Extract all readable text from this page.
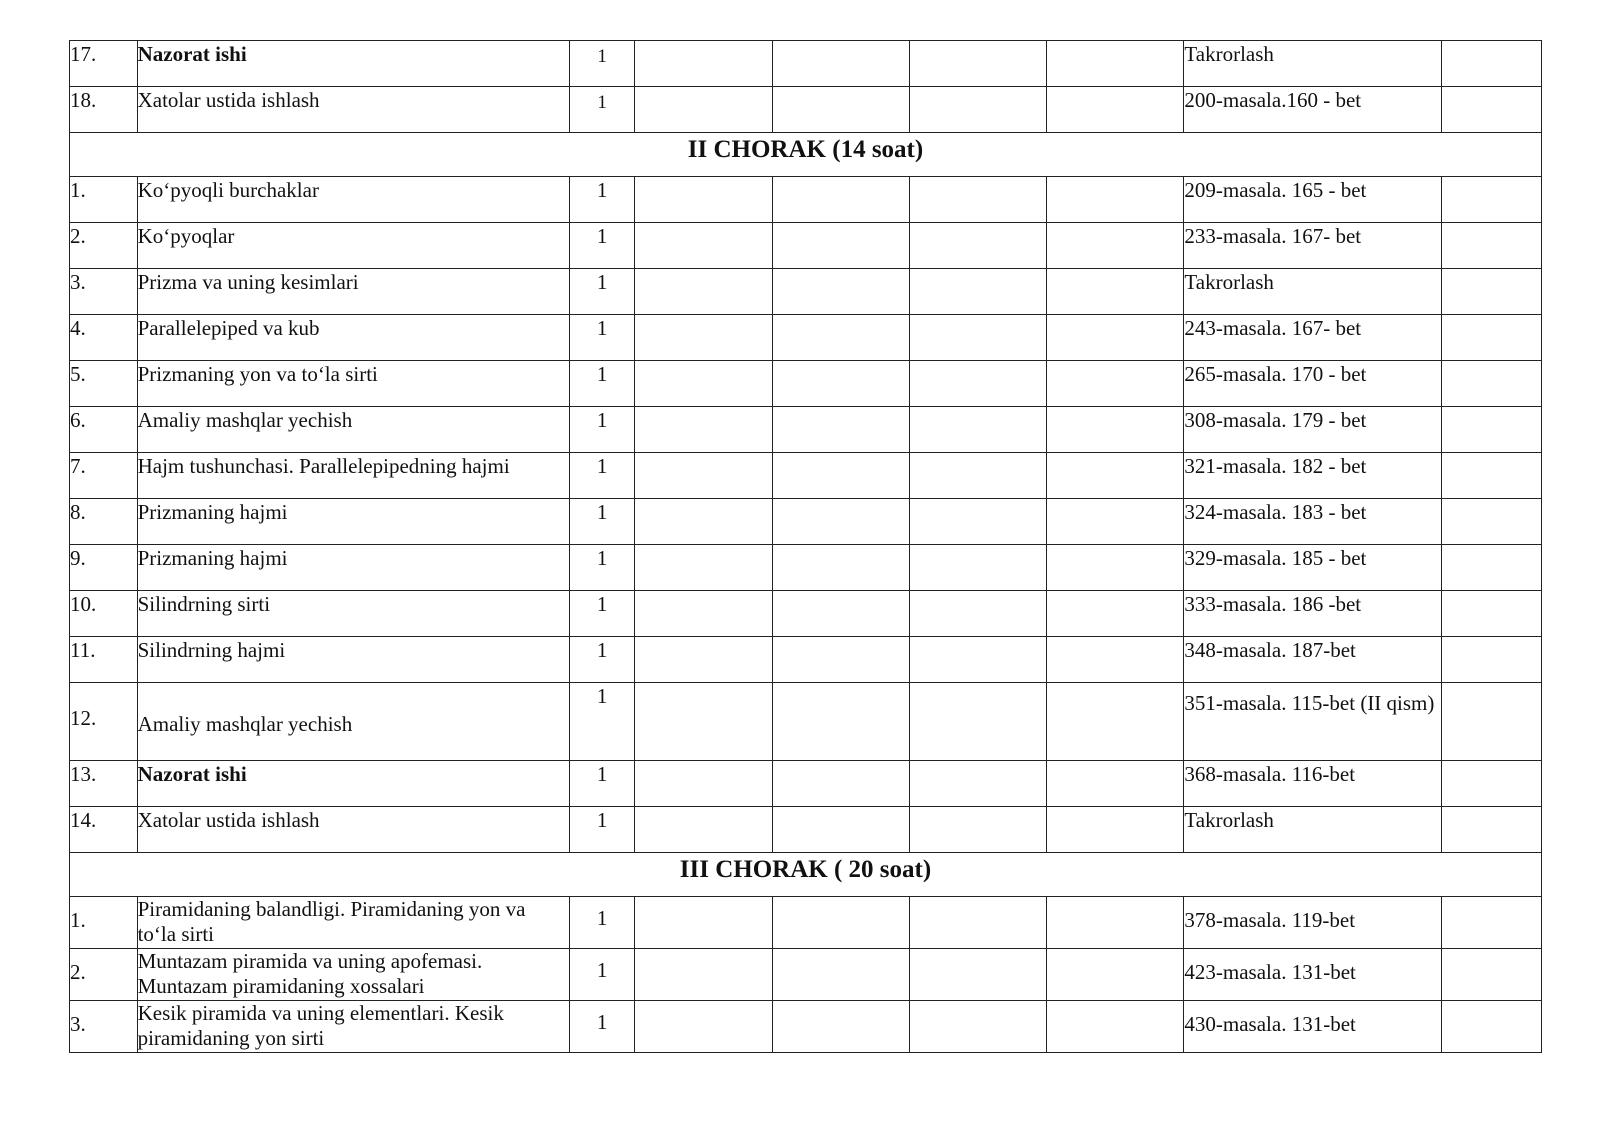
17.	Nazorat ishi	1					Takrorlash	
18.	Xatolar ustida ishlash	1					200-masala.160 - bet	
II CHORAK (14 soat)								
1.	Ko‘pyoqli burchaklar	1					209-masala. 165 - bet	
2.	Ko‘pyoqlar	1					233-masala. 167- bet	
3.	Prizma va uning kesimlari	1					Takrorlash	
4.	Parallelepiped va kub	1					243-masala. 167- bet	
5.	Prizmaning yon va to‘la sirti	1					265-masala. 170 - bet	
6.	Amaliy mashqlar yechish	1					308-masala. 179 - bet	
7.	Hajm tushunchasi. Parallelepipedning hajmi	1					321-masala. 182 - bet	
8.	Prizmaning hajmi	1					324-masala. 183 - bet	
9.	Prizmaning hajmi	1					329-masala. 185 - bet	
10.	Silindrning sirti	1					333-masala. 186 -bet	
11.	Silindrning hajmi	1					348-masala. 187-bet	
12.	Amaliy mashqlar yechish	1					351-masala. 115-bet (II qism)	
13.	Nazorat ishi	1					368-masala. 116-bet	
14.	Xatolar ustida ishlash	1					Takrorlash	
III CHORAK ( 20 soat)								
1.	Piramidaning balandligi. Piramidaning yon va to‘la sirti	1					378-masala. 119-bet	
2.	Muntazam piramida va uning apofemasi. Muntazam piramidaning xossalari	1					423-masala. 131-bet	
3.	Kesik piramida va uning elementlari. Kesik piramidaning yon sirti	1					430-masala. 131-bet	
